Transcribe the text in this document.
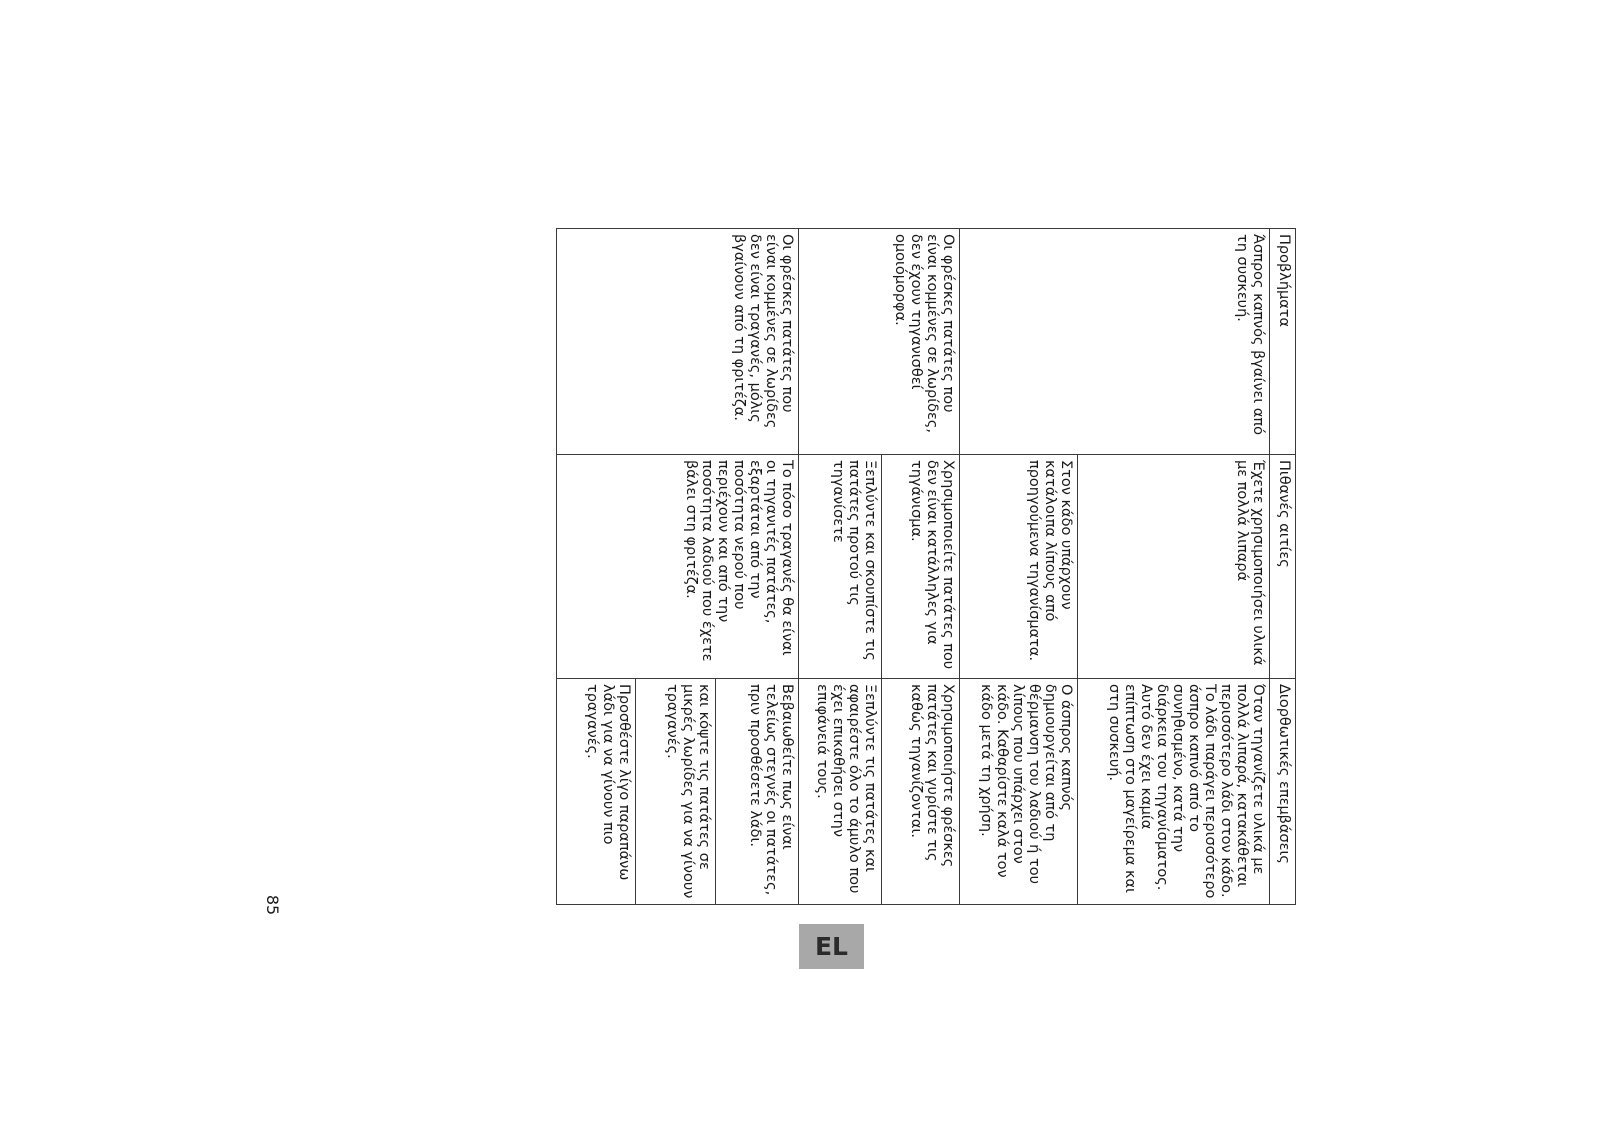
Προβλήματα	Πιθανές αιτίες	Διορθωτικές επεμβάσεις
Άσπρος καπνός βγαίνει από τη συσκευή.	Έχετε χρησιμοποιήσει υλικά με πολλά λιπαρά	Όταν τηγανίζετε υλικά με πολλά λιπαρά, κατακάθεται περισσότερο λάδι στον κάδο. Το λάδι παράγει περισσότερο άσπρο καπνό από το συνηθισμένο, κατά την διάρκεια του τηγανίσματος. Αυτό δεν έχει καμία επίπτωση στο μαγείρεμα και στη συσκευή.
	Στον κάδο υπάρχουν κατάλοιπα λίπους από προηγούμενα τηγανίσματα.	Ο άσπρος καπνός δημιουργείται από τη θέρμανση του λαδιού ή του λίπους που υπάρχει στον κάδο. Καθαρίστε καλά τον κάδο μετά τη χρήση.
Οι φρέσκες πατάτες που είναι κομμένες σε λωρίδες, δεν έχουν τηγανισθεί ομοιόμορφα.	Χρησιμοποιείτε πατάτες που δεν είναι κατάλληλες για τηγάνισμα.	Χρησιμοποιήστε φρέσκες πατάτες και γυρίστε τις καθώς τηγανίζονται.
	Ξεπλύντε και σκουπίστε τις πατάτες προτού τις τηγανίσετε	Ξεπλύντε τις πατάτες και αφαιρέστε όλο το άμυλο που έχει επικαθήσει στην επιφάνειά τους.
Οι φρέσκες πατάτες που είναι κομμένες σε λωρίδες δεν είναι τραγανές, μόλις βγαίνουν από τη φριτέζα.	Το πόσο τραγανές θα είναι οι τηγανιτές πατάτες, εξαρτάται από την ποσότητα νερού που περιέχουν και από την ποσότητα λαδιού που έχετε βάλει στη φριτέζα.	Βεβαιωθείτε πως είναι τελείως στεγνές οι πατάτες, πριν προσθέσετε λάδι.
		και κόψτε τις πατάτες σε μικρές λωρίδες για να γίνουν τραγανές.
		Προσθέστε λίγο παραπάνω λάδι για να γίνουν πιο τραγανές.
EL
85
